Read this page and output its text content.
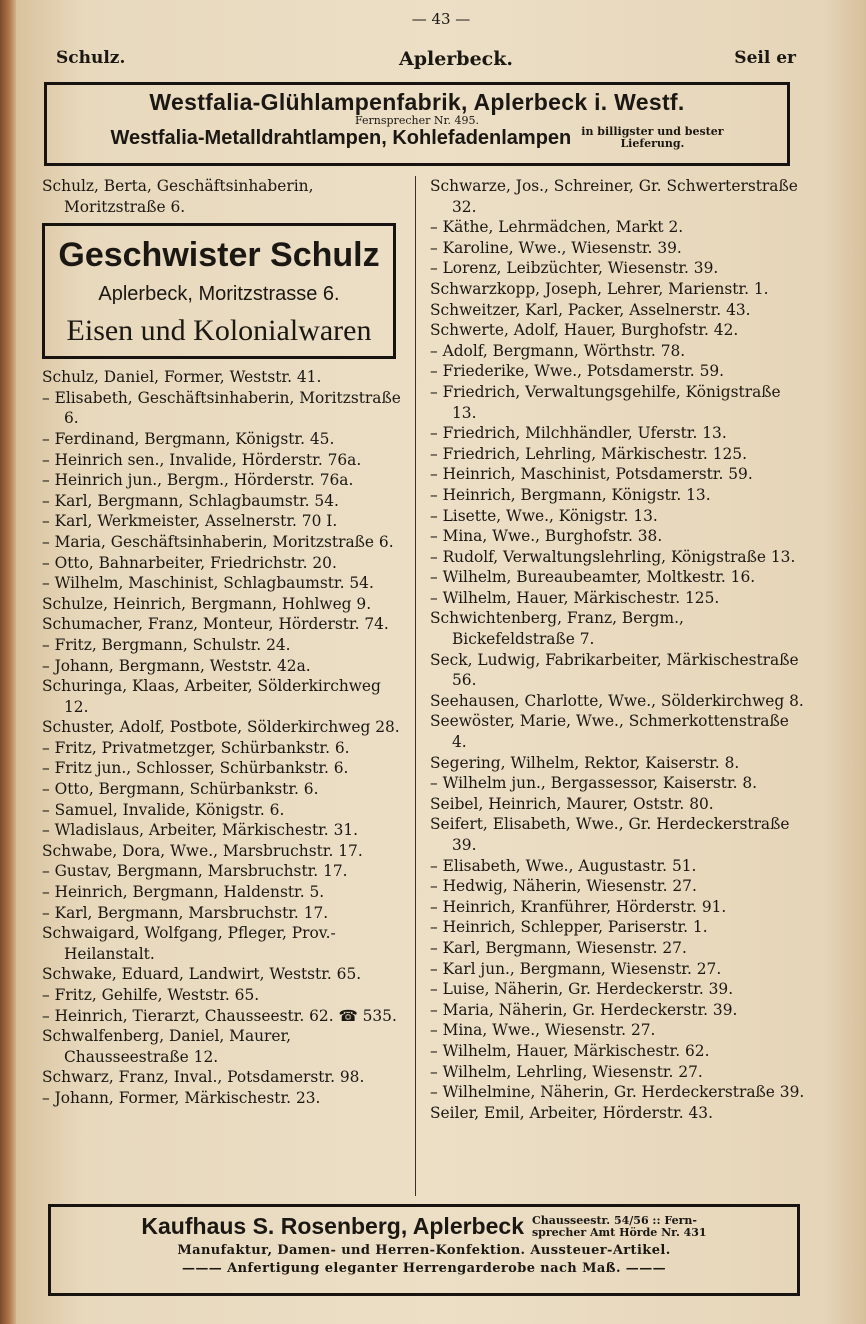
— 43 —
Schulz.	Aplerbeck.	Seil er
Westfalia-Glühlampenfabrik, Aplerbeck i. Westf.
Fernsprecher Nr. 495.
Westfalia-Metalldrahtlampen, Kohlefadenlampen in billigster und bester
Lieferung.
Schulz, Berta, Geschäftsinhaberin, Moritzstraße 6.
Geschwister Schulz
Aplerbeck, Moritzstrasse 6.
Eisen und Kolonialwaren
Schulz, Daniel, Former, Weststr. 41.
– Elisabeth, Geschäftsinhaberin, Moritzstraße 6.
– Ferdinand, Bergmann, Königstr. 45.
– Heinrich sen., Invalide, Hörderstr. 76a.
– Heinrich jun., Bergm., Hörderstr. 76a.
– Karl, Bergmann, Schlagbaumstr. 54.
– Karl, Werkmeister, Asselnerstr. 70 I.
– Maria, Geschäftsinhaberin, Moritzstraße 6.
– Otto, Bahnarbeiter, Friedrichstr. 20.
– Wilhelm, Maschinist, Schlagbaumstr. 54.
Schulze, Heinrich, Bergmann, Hohlweg 9.
Schumacher, Franz, Monteur, Hörderstr. 74.
– Fritz, Bergmann, Schulstr. 24.
– Johann, Bergmann, Weststr. 42a.
Schuringa, Klaas, Arbeiter, Sölderkirchweg 12.
Schuster, Adolf, Postbote, Sölderkirchweg 28.
– Fritz, Privatmetzger, Schürbankstr. 6.
– Fritz jun., Schlosser, Schürbankstr. 6.
– Otto, Bergmann, Schürbankstr. 6.
– Samuel, Invalide, Königstr. 6.
– Wladislaus, Arbeiter, Märkischestr. 31.
Schwabe, Dora, Wwe., Marsbruchstr. 17.
– Gustav, Bergmann, Marsbruchstr. 17.
– Heinrich, Bergmann, Haldenstr. 5.
– Karl, Bergmann, Marsbruchstr. 17.
Schwaigard, Wolfgang, Pfleger, Prov.-Heilanstalt.
Schwake, Eduard, Landwirt, Weststr. 65.
– Fritz, Gehilfe, Weststr. 65.
– Heinrich, Tierarzt, Chausseestr. 62. ☎ 535.
Schwalfenberg, Daniel, Maurer, Chausseestraße 12.
Schwarz, Franz, Inval., Potsdamerstr. 98.
– Johann, Former, Märkischestr. 23.
Schwarze, Jos., Schreiner, Gr. Schwerterstraße 32.
– Käthe, Lehrmädchen, Markt 2.
– Karoline, Wwe., Wiesenstr. 39.
– Lorenz, Leibzüchter, Wiesenstr. 39.
Schwarzkopp, Joseph, Lehrer, Marienstr. 1.
Schweitzer, Karl, Packer, Asselnerstr. 43.
Schwerte, Adolf, Hauer, Burghofstr. 42.
– Adolf, Bergmann, Wörthstr. 78.
– Friederike, Wwe., Potsdamerstr. 59.
– Friedrich, Verwaltungsgehilfe, Königstraße 13.
– Friedrich, Milchhändler, Uferstr. 13.
– Friedrich, Lehrling, Märkischestr. 125.
– Heinrich, Maschinist, Potsdamerstr. 59.
– Heinrich, Bergmann, Königstr. 13.
– Lisette, Wwe., Königstr. 13.
– Mina, Wwe., Burghofstr. 38.
– Rudolf, Verwaltungslehrling, Königstraße 13.
– Wilhelm, Bureaubeamter, Moltkestr. 16.
– Wilhelm, Hauer, Märkischestr. 125.
Schwichtenberg, Franz, Bergm., Bickefeldstraße 7.
Seck, Ludwig, Fabrikarbeiter, Märkischestraße 56.
Seehausen, Charlotte, Wwe., Sölderkirchweg 8.
Seewöster, Marie, Wwe., Schmerkottenstraße 4.
Segering, Wilhelm, Rektor, Kaiserstr. 8.
– Wilhelm jun., Bergassessor, Kaiserstr. 8.
Seibel, Heinrich, Maurer, Oststr. 80.
Seifert, Elisabeth, Wwe., Gr. Herdeckerstraße 39.
– Elisabeth, Wwe., Augustastr. 51.
– Hedwig, Näherin, Wiesenstr. 27.
– Heinrich, Kranführer, Hörderstr. 91.
– Heinrich, Schlepper, Pariserstr. 1.
– Karl, Bergmann, Wiesenstr. 27.
– Karl jun., Bergmann, Wiesenstr. 27.
– Luise, Näherin, Gr. Herdeckerstr. 39.
– Maria, Näherin, Gr. Herdeckerstr. 39.
– Mina, Wwe., Wiesenstr. 27.
– Wilhelm, Hauer, Märkischestr. 62.
– Wilhelm, Lehrling, Wiesenstr. 27.
– Wilhelmine, Näherin, Gr. Herdeckerstraße 39.
Seiler, Emil, Arbeiter, Hörderstr. 43.
Kaufhaus S. Rosenberg, Aplerbeck Chausseestr. 54/56 :: Fern-
sprecher Amt Hörde Nr. 431
Manufaktur, Damen- und Herren-Konfektion. Aussteuer-Artikel.
——— Anfertigung eleganter Herrengarderobe nach Maß. ———
